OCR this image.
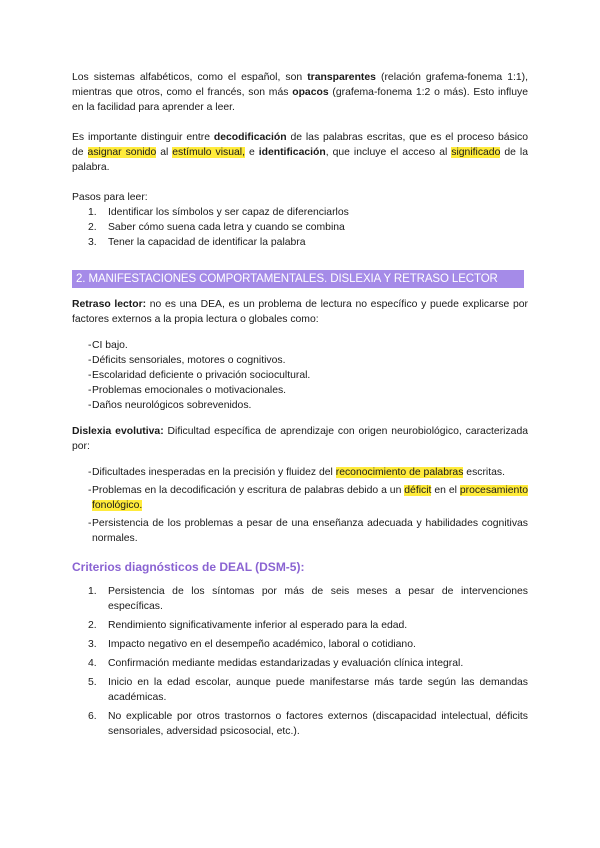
Los sistemas alfabéticos, como el español, son transparentes (relación grafema-fonema 1:1), mientras que otros, como el francés, son más opacos (grafema-fonema 1:2 o más). Esto influye en la facilidad para aprender a leer.

Es importante distinguir entre decodificación de las palabras escritas, que es el proceso básico de asignar sonido al estímulo visual, e identificación, que incluye el acceso al significado de la palabra.

Pasos para leer:

1. Identificar los símbolos y ser capaz de diferenciarlos
2. Saber cómo suena cada letra y cuando se combina
3. Tener la capacidad de identificar la palabra
2. MANIFESTACIONES COMPORTAMENTALES. DISLEXIA Y RETRASO LECTOR

Retraso lector: no es una DEA, es un problema de lectura no específico y puede explicarse por factores externos a la propia lectura o globales como:

- CI bajo.
- Déficits sensoriales, motores o cognitivos.
- Escolaridad deficiente o privación sociocultural.
- Problemas emocionales o motivacionales.
- Daños neurológicos sobrevenidos.

Dislexia evolutiva: Dificultad específica de aprendizaje con origen neurobiológico, caracterizada por:

- Dificultades inesperadas en la precisión y fluidez del reconocimiento de palabras escritas.
- Problemas en la decodificación y escritura de palabras debido a un déficit en el procesamiento fonológico.
- Persistencia de los problemas a pesar de una enseñanza adecuada y habilidades cognitivas normales.
Criterios diagnósticos de DEAL (DSM-5):
1. Persistencia de los síntomas por más de seis meses a pesar de intervenciones específicas.
2. Rendimiento significativamente inferior al esperado para la edad.
3. Impacto negativo en el desempeño académico, laboral o cotidiano.
4. Confirmación mediante medidas estandarizadas y evaluación clínica integral.
5. Inicio en la edad escolar, aunque puede manifestarse más tarde según las demandas académicas.
6. No explicable por otros trastornos o factores externos (discapacidad intelectual, déficits sensoriales, adversidad psicosocial, etc.).
